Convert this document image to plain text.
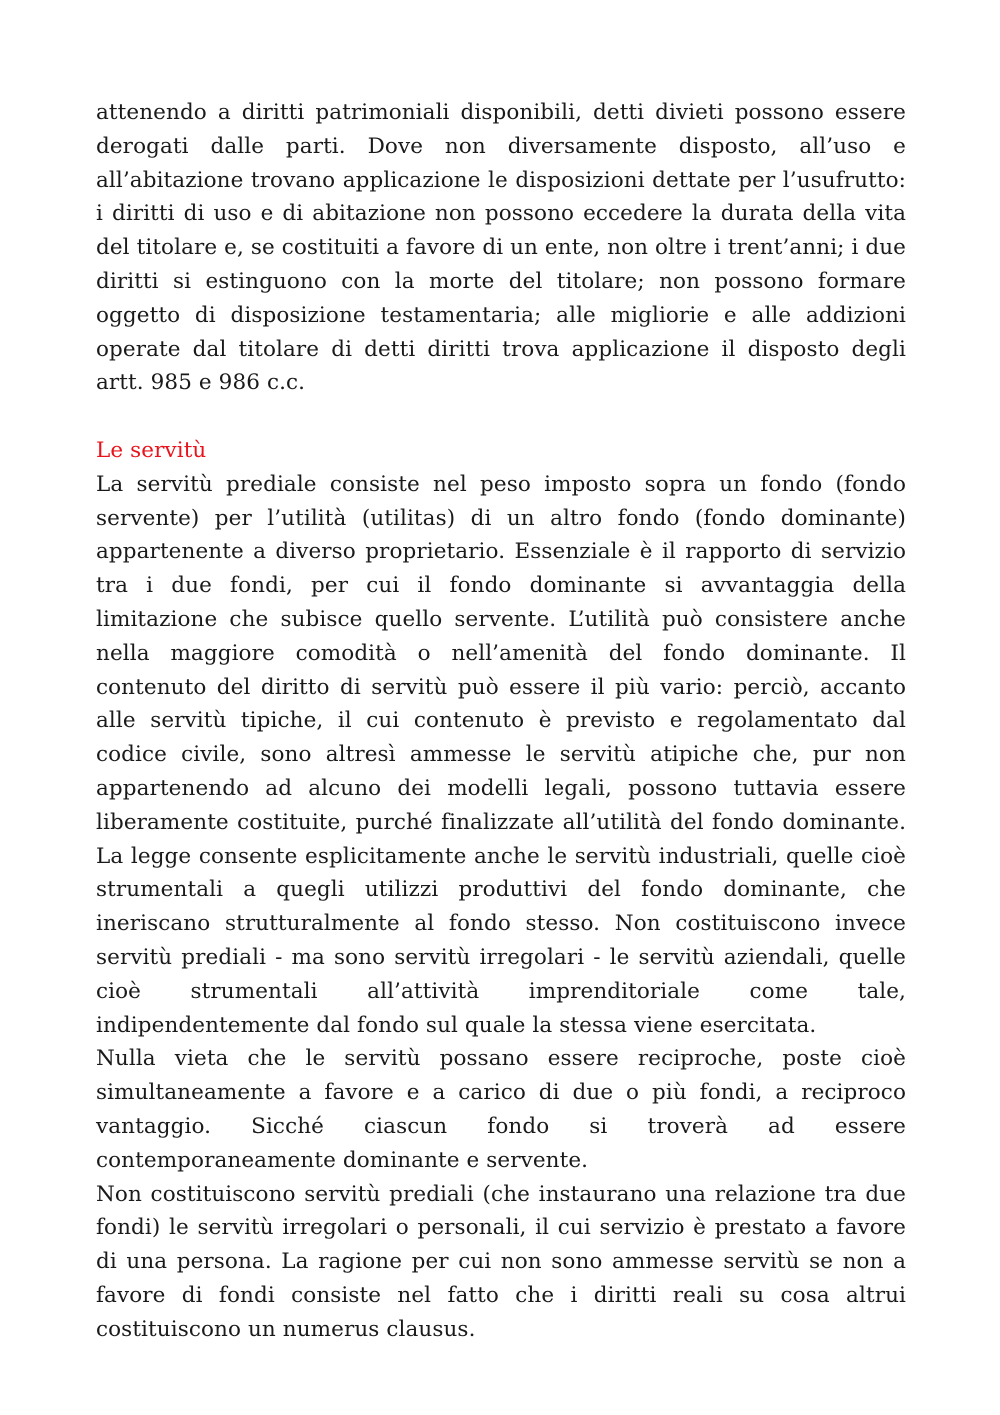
attenendo a diritti patrimoniali disponibili, detti divieti possono essere derogati dalle parti. Dove non diversamente disposto, all’uso e all’abitazione trovano applicazione le disposizioni dettate per l’usufrutto: i diritti di uso e di abitazione non possono eccedere la durata della vita del titolare e, se costituiti a favore di un ente, non oltre i trent’anni; i due diritti si estinguono con la morte del titolare; non possono formare oggetto di disposizione testamentaria; alle migliorie e alle addizioni operate dal titolare di detti diritti trova applicazione il disposto degli artt. 985 e 986 c.c.

Le servitù

La servitù prediale consiste nel peso imposto sopra un fondo (fondo servente) per l’utilità (utilitas) di un altro fondo (fondo dominante) appartenente a diverso proprietario. Essenziale è il rapporto di servizio tra i due fondi, per cui il fondo dominante si avvantaggia della limitazione che subisce quello servente. L’utilità può consistere anche nella maggiore comodità o nell’amenità del fondo dominante. Il contenuto del diritto di servitù può essere il più vario: perciò, accanto alle servitù tipiche, il cui contenuto è previsto e regolamentato dal codice civile, sono altresì ammesse le servitù atipiche che, pur non appartenendo ad alcuno dei modelli legali, possono tuttavia essere liberamente costituite, purché finalizzate all’utilità del fondo dominante. La legge consente esplicitamente anche le servitù industriali, quelle cioè strumentali a quegli utilizzi produttivi del fondo dominante, che ineriscano strutturalmente al fondo stesso. Non costituiscono invece servitù prediali - ma sono servitù irregolari - le servitù aziendali, quelle cioè strumentali all’attività imprenditoriale come tale, indipendentemente dal fondo sul quale la stessa viene esercitata.

Nulla vieta che le servitù possano essere reciproche, poste cioè simultaneamente a favore e a carico di due o più fondi, a reciproco vantaggio. Sicché ciascun fondo si troverà ad essere contemporaneamente dominante e servente.

Non costituiscono servitù prediali (che instaurano una relazione tra due fondi) le servitù irregolari o personali, il cui servizio è prestato a favore di una persona. La ragione per cui non sono ammesse servitù se non a favore di fondi consiste nel fatto che i diritti reali su cosa altrui costituiscono un numerus clausus.
